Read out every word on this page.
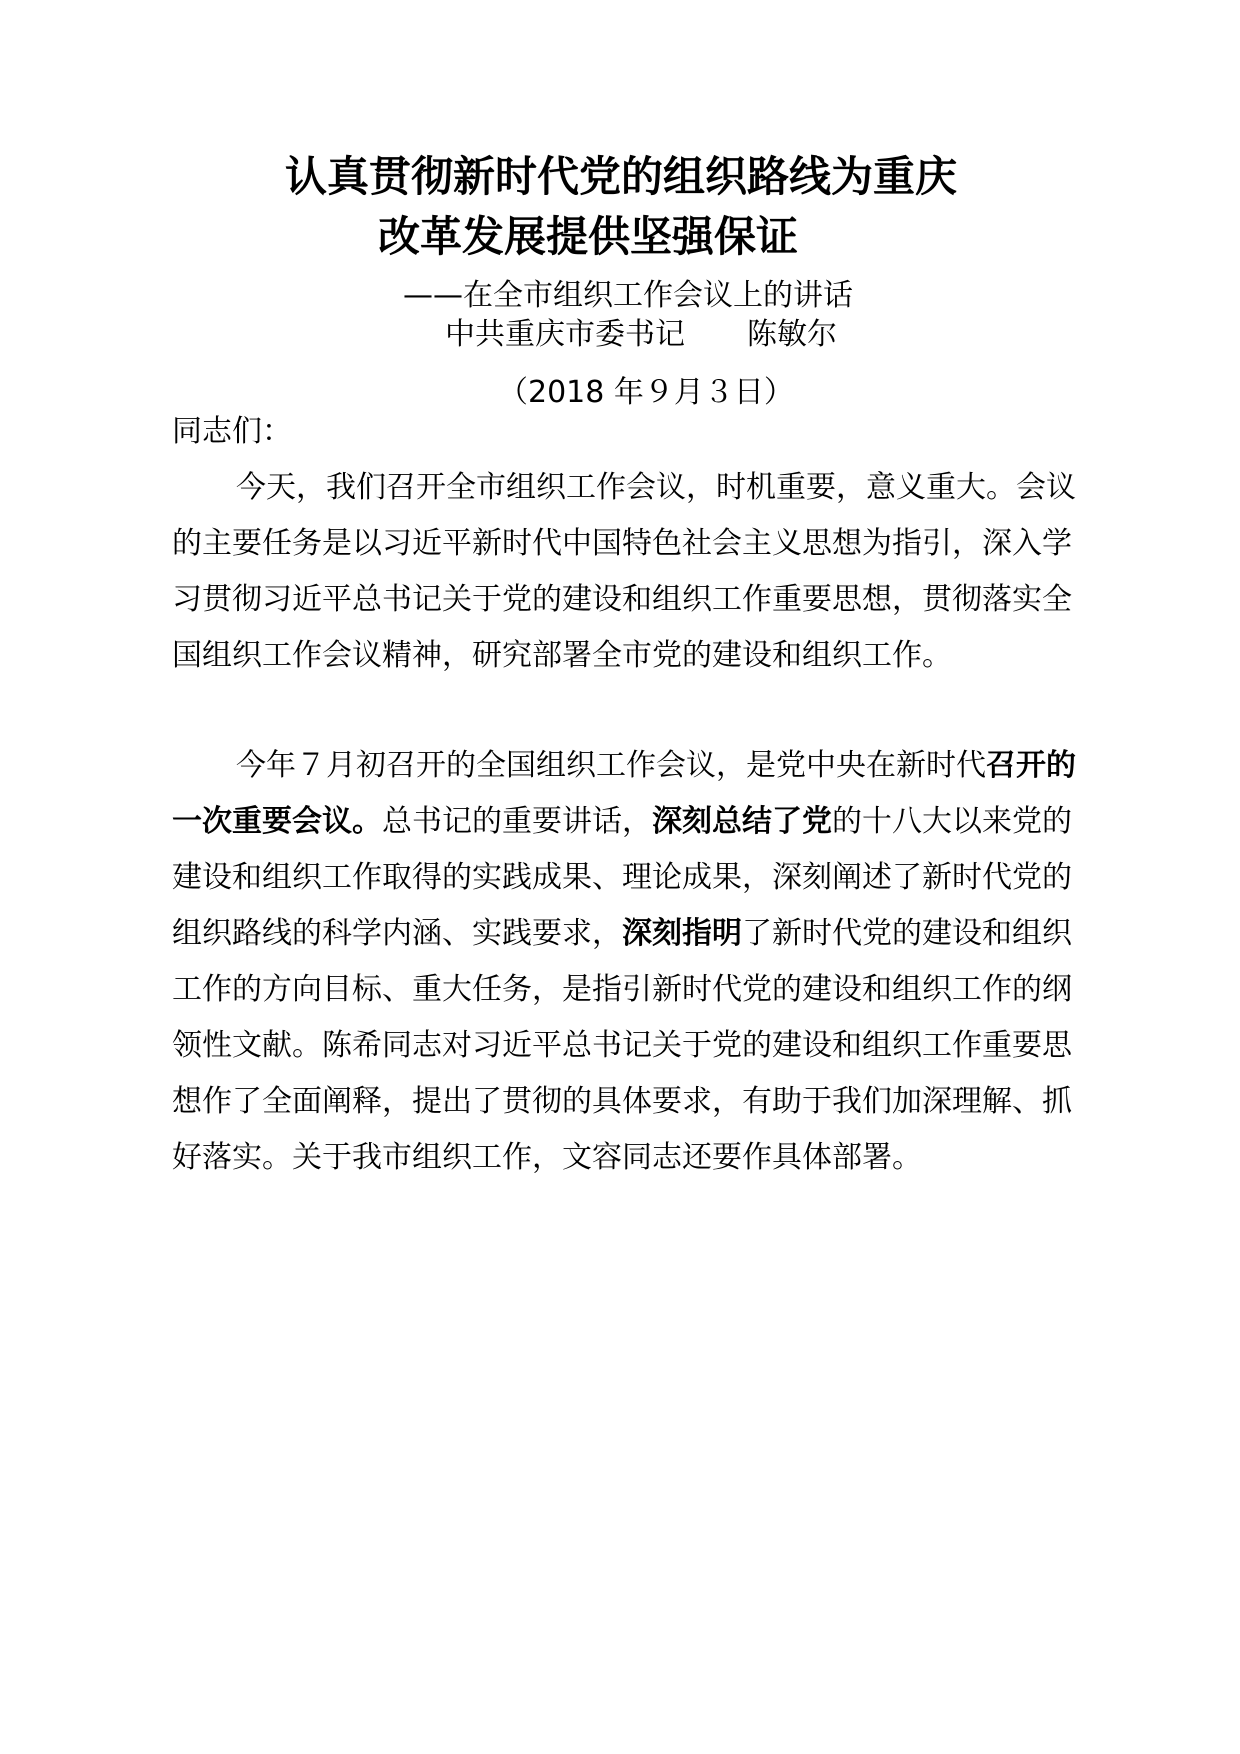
认真贯彻新时代党的组织路线为重庆
改革发展提供坚强保证
——在全市组织工作会议上的讲话
中共重庆市委书记 陈敏尔
（2018 年９月３日）
同志们：
今天，我们召开全市组织工作会议，时机重要，意义重大。会议的主要任务是以习近平新时代中国特色社会主义思想为指引，深入学习贯彻习近平总书记关于党的建设和组织工作重要思想，贯彻落实全国组织工作会议精神，研究部署全市党的建设和组织工作。
今年７月初召开的全国组织工作会议，是党中央在新时代召开的一次重要会议。总书记的重要讲话，深刻总结了党的十八大以来党的建设和组织工作取得的实践成果、理论成果，深刻阐述了新时代党的组织路线的科学内涵、实践要求，深刻指明了新时代党的建设和组织工作的方向目标、重大任务，是指引新时代党的建设和组织工作的纲领性文献。陈希同志对习近平总书记关于党的建设和组织工作重要思想作了全面阐释，提出了贯彻的具体要求，有助于我们加深理解、抓好落实。关于我市组织工作，文容同志还要作具体部署。
